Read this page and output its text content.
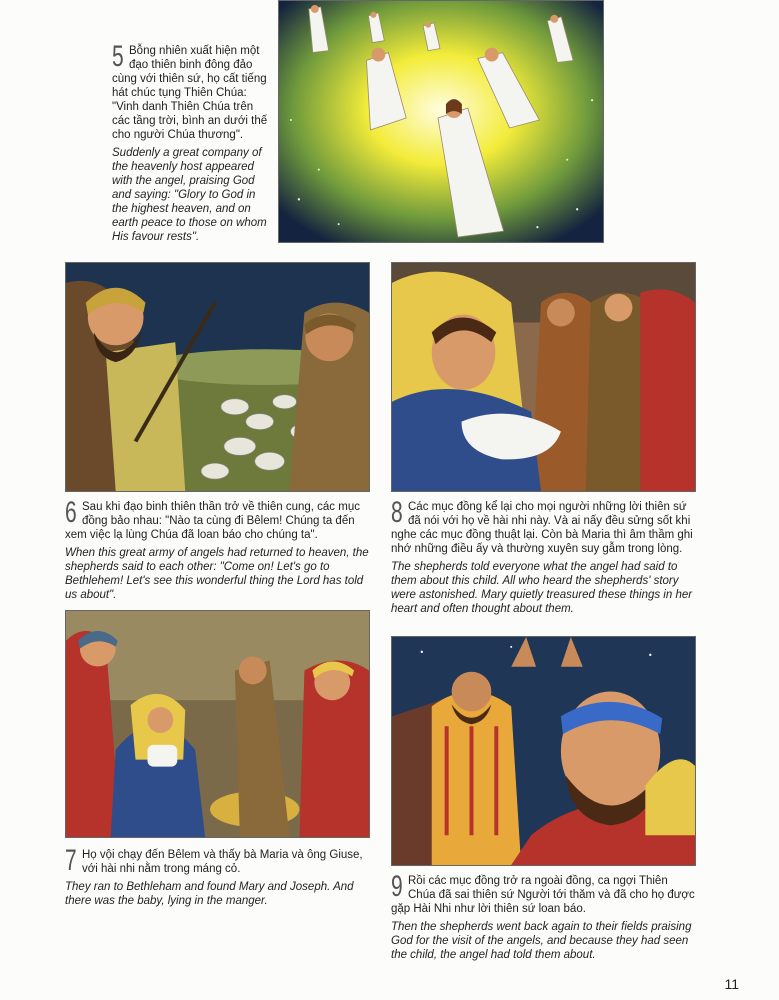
5 Bỗng nhiên xuất hiện một đạo thiên binh đông đảo cùng với thiên sứ, họ cất tiếng hát chúc tụng Thiên Chúa: "Vinh danh Thiên Chúa trên các tầng trời, bình an dưới thế cho người Chúa thương".

Suddenly a great company of the heavenly host appeared with the angel, praising God and saying: "Glory to God in the highest heaven, and on earth peace to those on whom His favour rests".

6 Sau khi đạo binh thiên thần trở về thiên cung, các mục đồng bảo nhau: "Nào ta cùng đi Bêlem! Chúng ta đến xem việc lạ lùng Chúa đã loan báo cho chúng ta".

When this great army of angels had returned to heaven, the shepherds said to each other: "Come on! Let's go to Bethlehem! Let's see this wonderful thing the Lord has told us about".

7 Họ vội chạy đến Bêlem và thấy bà Maria và ông Giuse, với hài nhi nằm trong máng cỏ.

They ran to Bethleham and found Mary and Joseph. And there was the baby, lying in the manger.

8 Các mục đồng kể lại cho mọi người những lời thiên sứ đã nói với họ về hài nhi này. Và ai nấy đều sửng sốt khi nghe các mục đồng thuật lại. Còn bà Maria thì âm thầm ghi nhớ những điều ấy và thường xuyên suy gẫm trong lòng.

The shepherds told everyone what the angel had said to them about this child. All who heard the shepherds' story were astonished. Mary quietly treasured these things in her heart and often thought about them.

9 Rồi các mục đồng trở ra ngoài đồng, ca ngợi Thiên Chúa đã sai thiên sứ Người tới thăm và đã cho họ được gặp Hài Nhi như lời thiên sứ loan báo.

Then the shepherds went back again to their fields praising God for the visit of the angels, and because they had seen the child, the angel had told them about.

11
